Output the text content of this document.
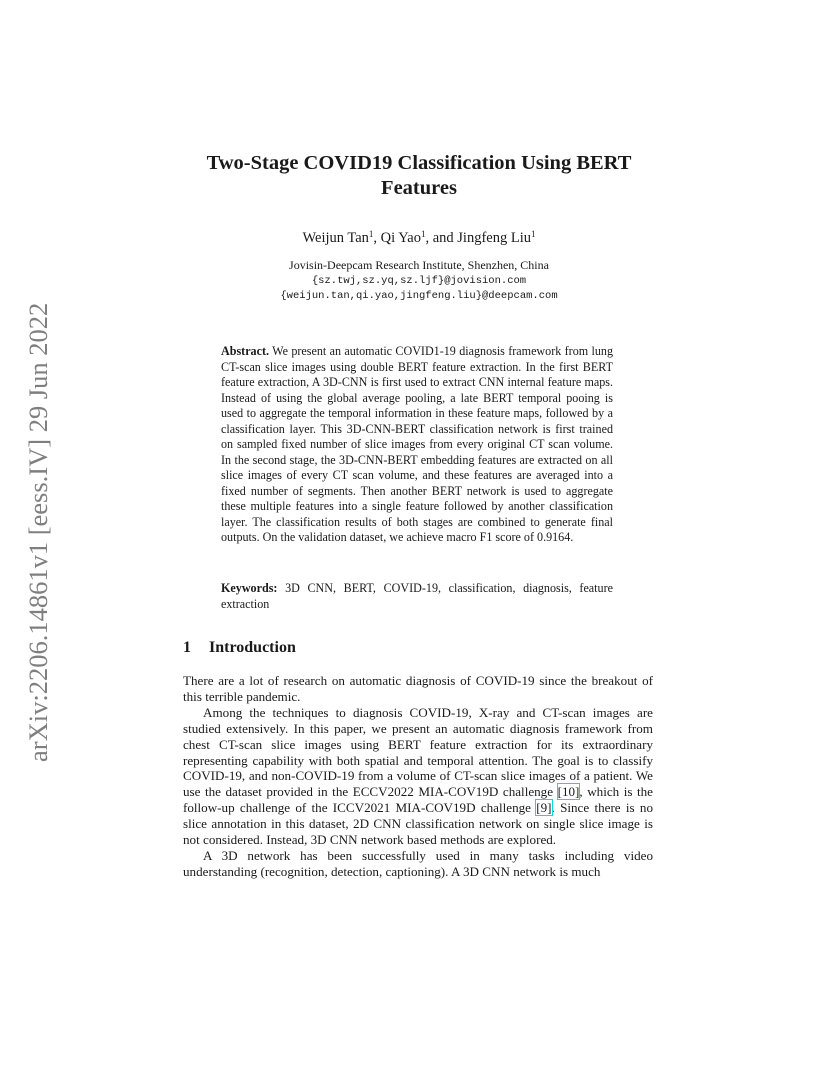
arXiv:2206.14861v1 [eess.IV] 29 Jun 2022
Two-Stage COVID19 Classification Using BERT
Features
Weijun Tan$^1$, Qi Yao$^1$, and Jingfeng Liu$^1$
Jovisin-Deepcam Research Institute, Shenzhen, China
{sz.twj,sz.yq,sz.ljf}@jovision.com
{weijun.tan,qi.yao,jingfeng.liu}@deepcam.com
Abstract. We present an automatic COVID1-19 diagnosis framework from lung CT-scan slice images using double BERT feature extraction. In the first BERT feature extraction, A 3D-CNN is first used to extract CNN internal feature maps. Instead of using the global average pooling, a late BERT temporal pooing is used to aggregate the temporal information in these feature maps, followed by a classification layer. This 3D-CNN-BERT classification network is first trained on sampled fixed number of slice images from every original CT scan volume. In the second stage, the 3D-CNN-BERT embedding features are extracted on all slice images of every CT scan volume, and these features are averaged into a fixed number of segments. Then another BERT network is used to aggregate these multiple features into a single feature followed by another classification layer. The classification results of both stages are combined to generate final outputs. On the validation dataset, we achieve macro F1 score of 0.9164.
Keywords: 3D CNN, BERT, COVID-19, classification, diagnosis, feature extraction
1 Introduction

There are a lot of research on automatic diagnosis of COVID-19 since the breakout of this terrible pandemic.

Among the techniques to diagnosis COVID-19, X-ray and CT-scan images are studied extensively. In this paper, we present an automatic diagnosis framework from chest CT-scan slice images using BERT feature extraction for its extraordinary representing capability with both spatial and temporal attention. The goal is to classify COVID-19, and non-COVID-19 from a volume of CT-scan slice images of a patient. We use the dataset provided in the ECCV2022 MIA-COV19D challenge [10], which is the follow-up challenge of the ICCV2021 MIA-COV19D challenge [9]. Since there is no slice annotation in this dataset, 2D CNN classification network on single slice image is not considered. Instead, 3D CNN network based methods are explored.

A 3D network has been successfully used in many tasks including video understanding (recognition, detection, captioning). A 3D CNN network is much
